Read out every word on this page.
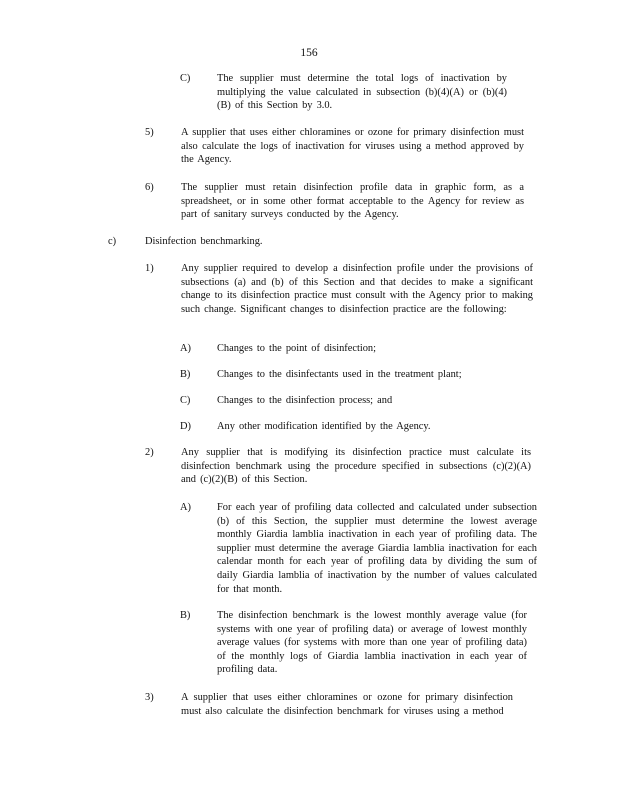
156
C)	The supplier must determine the total logs of inactivation by multiplying the value calculated in subsection (b)(4)(A) or (b)(4)(B) of this Section by 3.0.
5)	A supplier that uses either chloramines or ozone for primary disinfection must also calculate the logs of inactivation for viruses using a method approved by the Agency.
6)	The supplier must retain disinfection profile data in graphic form, as a spreadsheet, or in some other format acceptable to the Agency for review as part of sanitary surveys conducted by the Agency.
c)	Disinfection benchmarking.
1)	Any supplier required to develop a disinfection profile under the provisions of subsections (a) and (b) of this Section and that decides to make a significant change to its disinfection practice must consult with the Agency prior to making such change. Significant changes to disinfection practice are the following:
A)	Changes to the point of disinfection;
B)	Changes to the disinfectants used in the treatment plant;
C)	Changes to the disinfection process; and
D)	Any other modification identified by the Agency.
2)	Any supplier that is modifying its disinfection practice must calculate its disinfection benchmark using the procedure specified in subsections (c)(2)(A) and (c)(2)(B) of this Section.
A)	For each year of profiling data collected and calculated under subsection (b) of this Section, the supplier must determine the lowest average monthly Giardia lamblia inactivation in each year of profiling data. The supplier must determine the average Giardia lamblia inactivation for each calendar month for each year of profiling data by dividing the sum of daily Giardia lamblia of inactivation by the number of values calculated for that month.
B)	The disinfection benchmark is the lowest monthly average value (for systems with one year of profiling data) or average of lowest monthly average values (for systems with more than one year of profiling data) of the monthly logs of Giardia lamblia inactivation in each year of profiling data.
3)	A supplier that uses either chloramines or ozone for primary disinfection must also calculate the disinfection benchmark for viruses using a method
